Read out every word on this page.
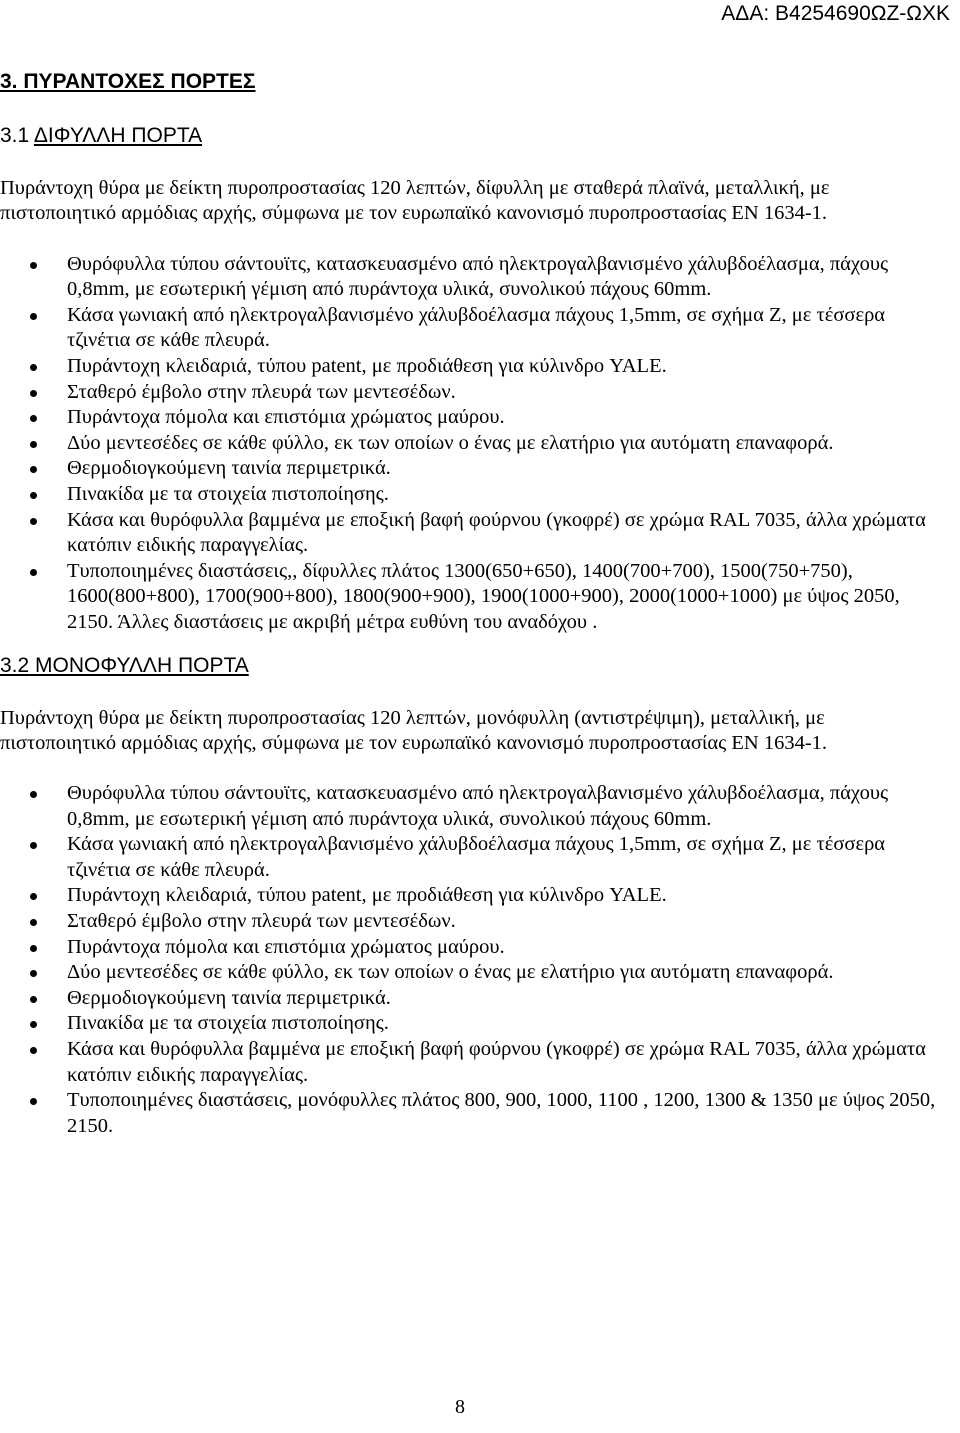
ΑΔΑ: Β4254690ΩΖ-ΩΧΚ
3. ΠΥΡΑΝΤΟΧΕΣ ΠΟΡΤΕΣ
3.1 ΔΙΦΥΛΛΗ ΠΟΡΤΑ

Πυράντοχη θύρα με δείκτη πυροπροστασίας 120 λεπτών, δίφυλλη με σταθερά πλαϊνά, μεταλλική, με πιστοποιητικό αρμόδιας αρχής, σύμφωνα με τον ευρωπαϊκό κανονισμό πυροπροστασίας EN 1634-1.

Θυρόφυλλα τύπου σάντουϊτς, κατασκευασμένο από ηλεκτρογαλβανισμένο χάλυβδοέλασμα, πάχους 0,8mm, με εσωτερική γέμιση από πυράντοχα υλικά, συνολικού πάχους 60mm.
Κάσα γωνιακή από ηλεκτρογαλβανισμένο χάλυβδοέλασμα πάχους 1,5mm, σε σχήμα Ζ, με τέσσερα τζινέτια σε κάθε πλευρά.
Πυράντοχη κλειδαριά, τύπου patent, με προδιάθεση για κύλινδρο YALE.
Σταθερό έμβολο στην πλευρά των μεντεσέδων.
Πυράντοχα πόμολα και επιστόμια χρώματος μαύρου.
Δύο μεντεσέδες σε κάθε φύλλο, εκ των οποίων ο ένας με ελατήριο για αυτόματη επαναφορά.
Θερμοδιογκούμενη ταινία περιμετρικά.
Πινακίδα με τα στοιχεία πιστοποίησης.
Κάσα και θυρόφυλλα βαμμένα με εποξική βαφή φούρνου (γκοφρέ) σε χρώμα RAL 7035, άλλα χρώματα κατόπιν ειδικής παραγγελίας.
Τυποποιημένες διαστάσεις,, δίφυλλες πλάτος 1300(650+650), 1400(700+700), 1500(750+750), 1600(800+800), 1700(900+800), 1800(900+900), 1900(1000+900), 2000(1000+1000) με ύψος 2050, 2150. Άλλες διαστάσεις με ακριβή μέτρα ευθύνη του αναδόχου .
3.2 ΜΟΝΟΦΥΛΛΗ ΠΟΡΤΑ

Πυράντοχη θύρα με δείκτη πυροπροστασίας 120 λεπτών, μονόφυλλη (αντιστρέψιμη), μεταλλική, με πιστοποιητικό αρμόδιας αρχής, σύμφωνα με τον ευρωπαϊκό κανονισμό πυροπροστασίας EN 1634-1.

Θυρόφυλλα τύπου σάντουϊτς, κατασκευασμένο από ηλεκτρογαλβανισμένο χάλυβδοέλασμα, πάχους 0,8mm, με εσωτερική γέμιση από πυράντοχα υλικά, συνολικού πάχους 60mm.
Κάσα γωνιακή από ηλεκτρογαλβανισμένο χάλυβδοέλασμα πάχους 1,5mm, σε σχήμα Ζ, με τέσσερα τζινέτια σε κάθε πλευρά.
Πυράντοχη κλειδαριά, τύπου patent, με προδιάθεση για κύλινδρο YALE.
Σταθερό έμβολο στην πλευρά των μεντεσέδων.
Πυράντοχα πόμολα και επιστόμια χρώματος μαύρου.
Δύο μεντεσέδες σε κάθε φύλλο, εκ των οποίων ο ένας με ελατήριο για αυτόματη επαναφορά.
Θερμοδιογκούμενη ταινία περιμετρικά.
Πινακίδα με τα στοιχεία πιστοποίησης.
Κάσα και θυρόφυλλα βαμμένα με εποξική βαφή φούρνου (γκοφρέ) σε χρώμα RAL 7035, άλλα χρώματα κατόπιν ειδικής παραγγελίας.
Τυποποιημένες διαστάσεις, μονόφυλλες πλάτος 800, 900, 1000, 1100 , 1200, 1300 & 1350 με ύψος 2050, 2150.
8
